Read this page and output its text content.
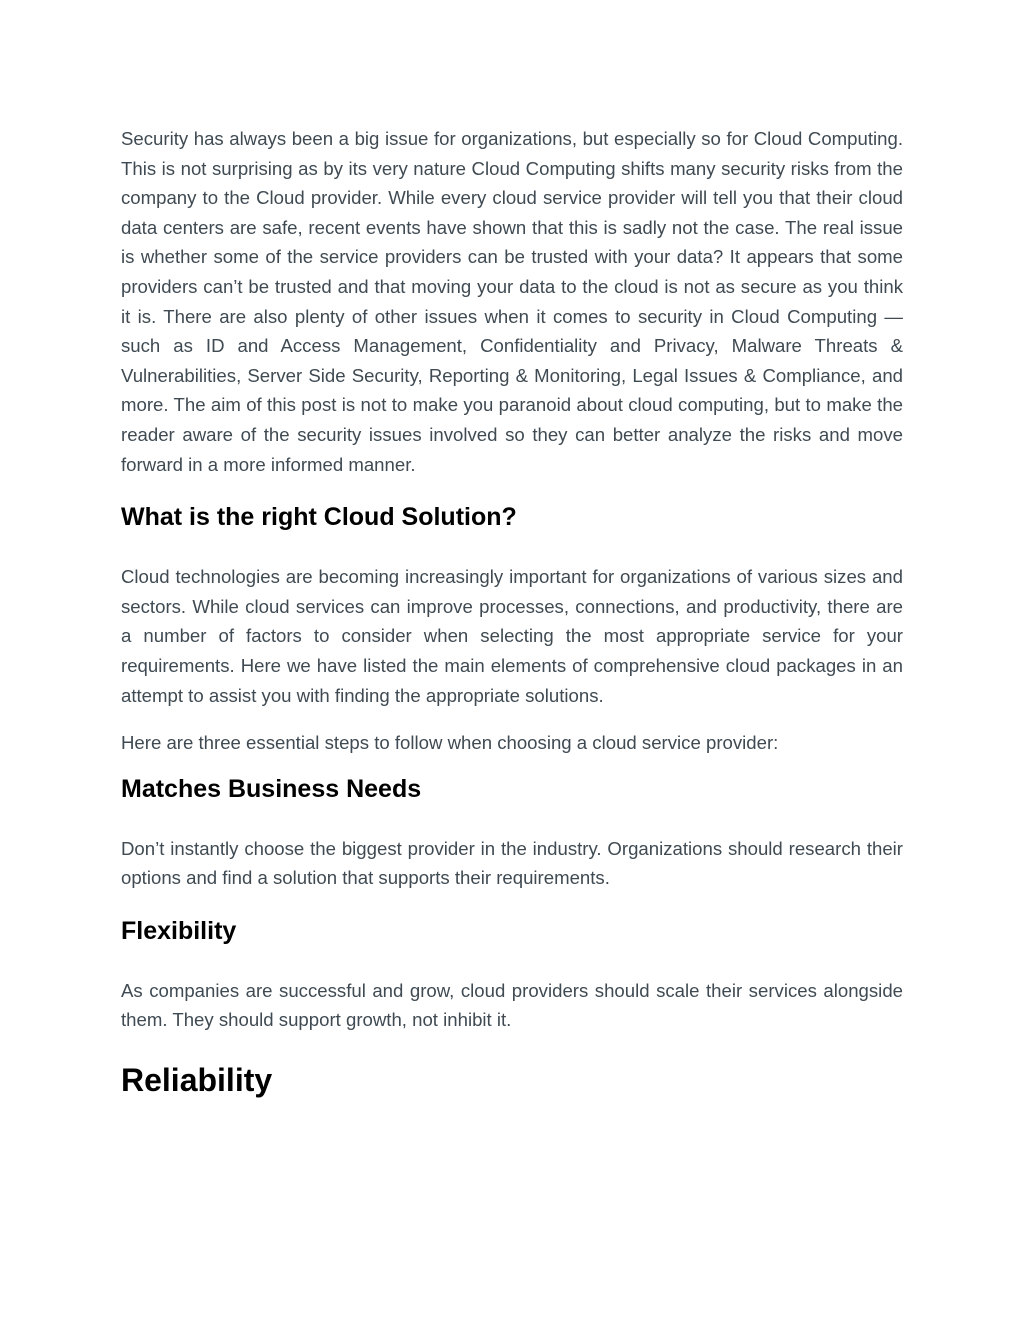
Security has always been a big issue for organizations, but especially so for Cloud Computing. This is not surprising as by its very nature Cloud Computing shifts many security risks from the company to the Cloud provider. While every cloud service provider will tell you that their cloud data centers are safe, recent events have shown that this is sadly not the case. The real issue is whether some of the service providers can be trusted with your data? It appears that some providers can’t be trusted and that moving your data to the cloud is not as secure as you think it is. There are also plenty of other issues when it comes to security in Cloud Computing — such as ID and Access Management, Confidentiality and Privacy, Malware Threats & Vulnerabilities, Server Side Security, Reporting & Monitoring, Legal Issues & Compliance, and more. The aim of this post is not to make you paranoid about cloud computing, but to make the reader aware of the security issues involved so they can better analyze the risks and move forward in a more informed manner.

What is the right Cloud Solution?

Cloud technologies are becoming increasingly important for organizations of various sizes and sectors. While cloud services can improve processes, connections, and productivity, there are a number of factors to consider when selecting the most appropriate service for your requirements. Here we have listed the main elements of comprehensive cloud packages in an attempt to assist you with finding the appropriate solutions.

Here are three essential steps to follow when choosing a cloud service provider:

Matches Business Needs

Don’t instantly choose the biggest provider in the industry. Organizations should research their options and find a solution that supports their requirements.

Flexibility

As companies are successful and grow, cloud providers should scale their services alongside them. They should support growth, not inhibit it.

Reliability
